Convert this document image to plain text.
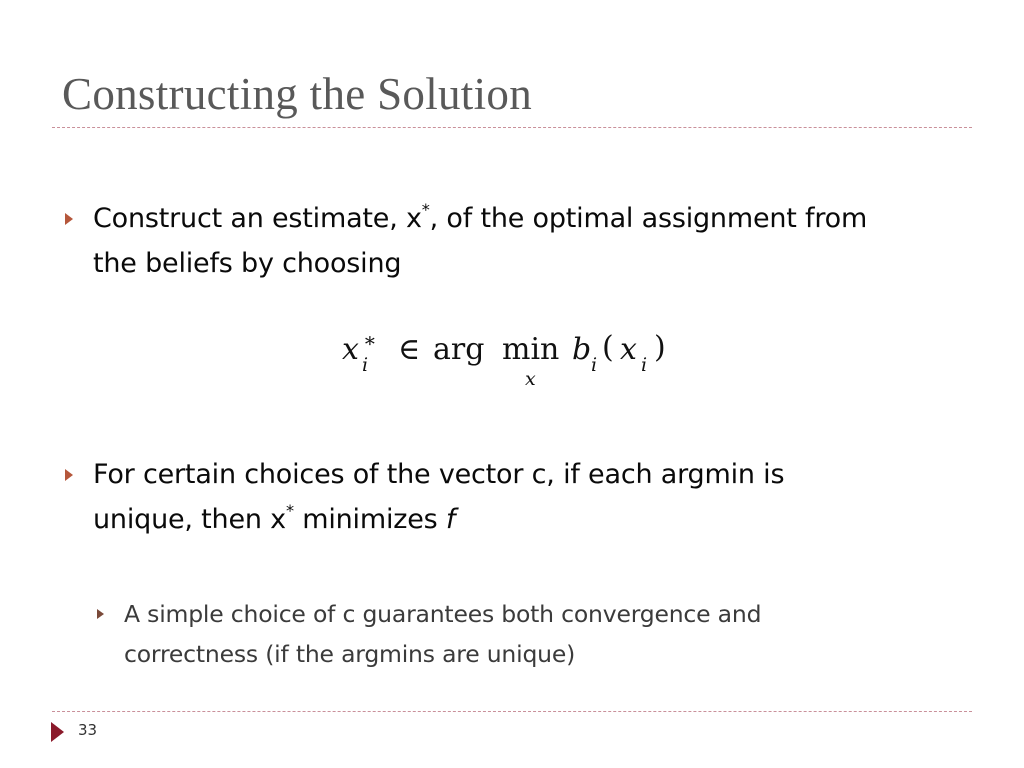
Constructing the Solution
Construct an estimate, x*, of the optimal assignment from
the beliefs by choosing
x ∗
i ∈ arg min
x
b i ( x i )
For certain choices of the vector c, if each argmin is
unique, then x* minimizes f
A simple choice of c guarantees both convergence and
correctness (if the argmins are unique)
33
